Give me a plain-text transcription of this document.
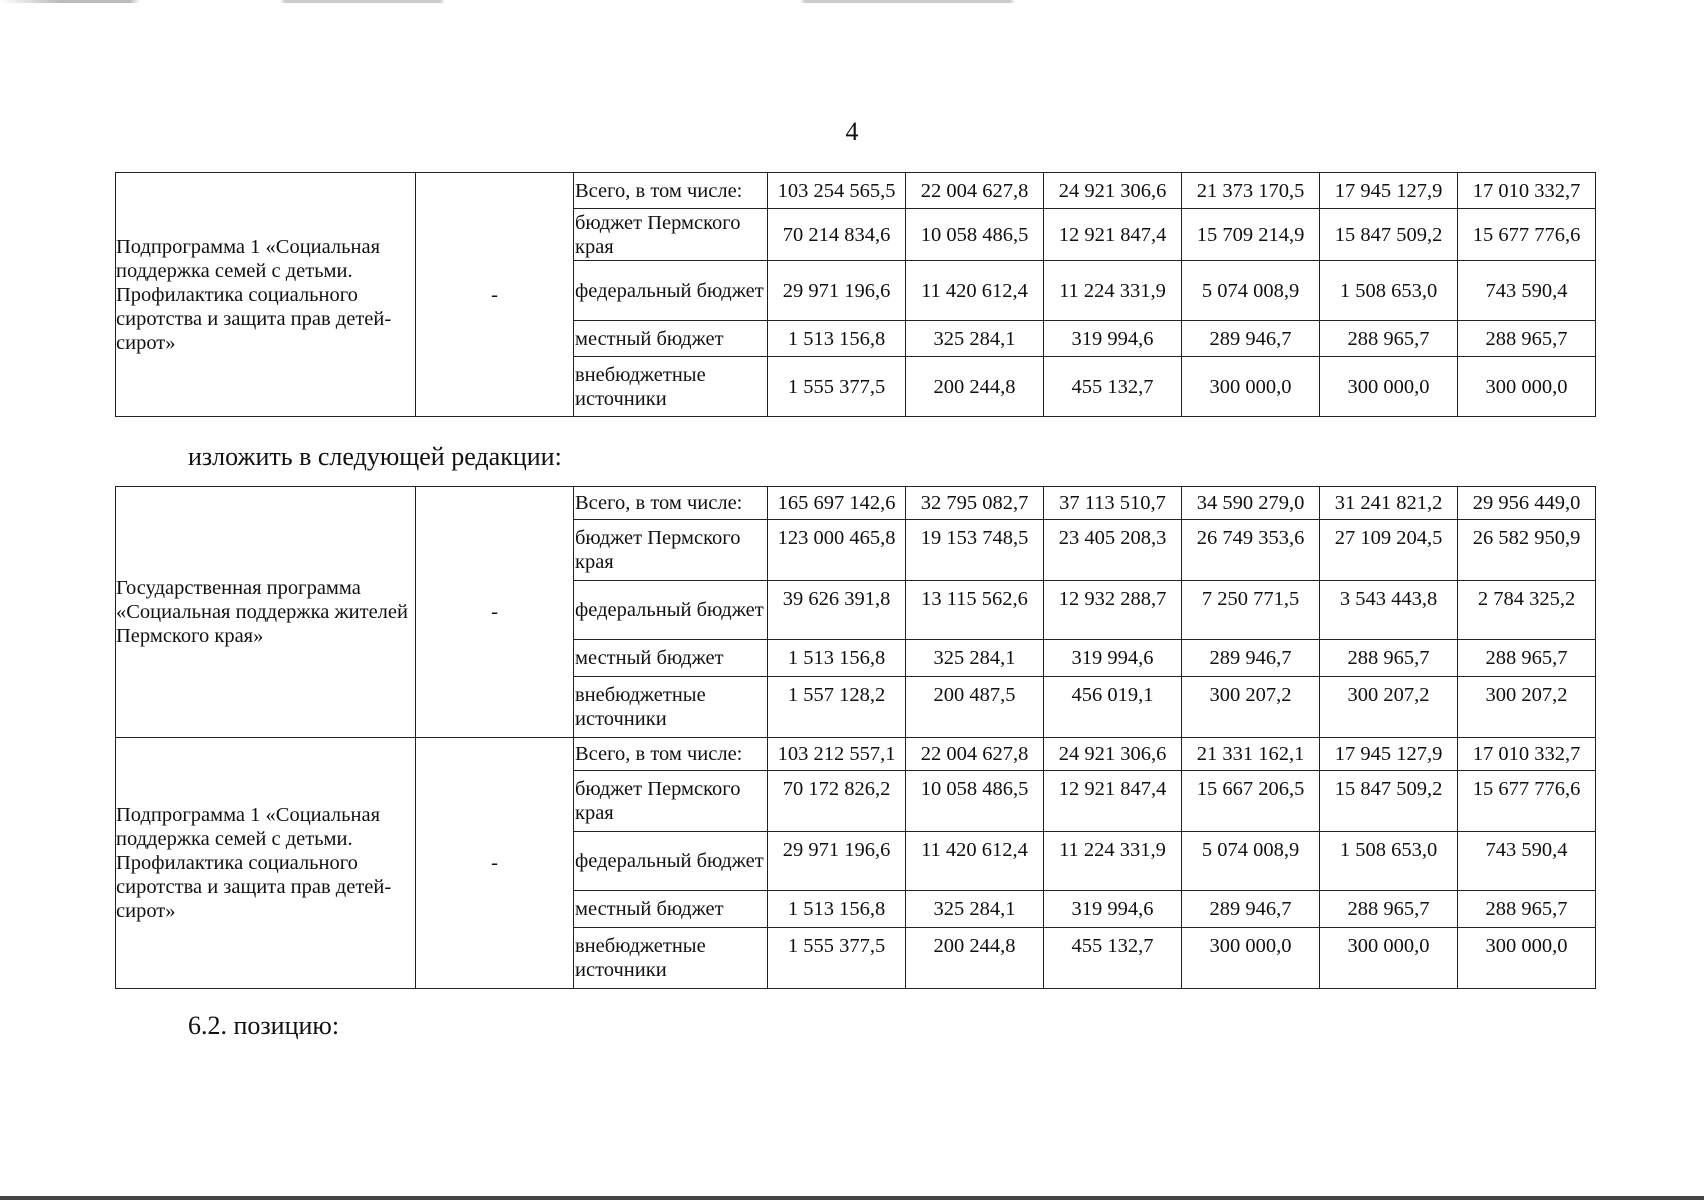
4
Подпрограмма 1 «Социальная поддержка семей с детьми. Профилактика социального сиротства и защита прав детей-сирот»	-	Всего, в том числе:	103 254 565,5	22 004 627,8	24 921 306,6	21 373 170,5	17 945 127,9	17 010 332,7
		бюджет Пермского края	70 214 834,6	10 058 486,5	12 921 847,4	15 709 214,9	15 847 509,2	15 677 776,6
		федеральный бюджет	29 971 196,6	11 420 612,4	11 224 331,9	5 074 008,9	1 508 653,0	743 590,4
		местный бюджет	1 513 156,8	325 284,1	319 994,6	289 946,7	288 965,7	288 965,7
		внебюджетные источники	1 555 377,5	200 244,8	455 132,7	300 000,0	300 000,0	300 000,0
изложить в следующей редакции:
Государственная программа «Социальная поддержка жителей Пермского края»	-	Всего, в том числе:	165 697 142,6	32 795 082,7	37 113 510,7	34 590 279,0	31 241 821,2	29 956 449,0
		бюджет Пермского края	123 000 465,8	19 153 748,5	23 405 208,3	26 749 353,6	27 109 204,5	26 582 950,9
		федеральный бюджет	39 626 391,8	13 115 562,6	12 932 288,7	7 250 771,5	3 543 443,8	2 784 325,2
		местный бюджет	1 513 156,8	325 284,1	319 994,6	289 946,7	288 965,7	288 965,7
		внебюджетные источники	1 557 128,2	200 487,5	456 019,1	300 207,2	300 207,2	300 207,2
Подпрограмма 1 «Социальная поддержка семей с детьми. Профилактика социального сиротства и защита прав детей-сирот»	-	Всего, в том числе:	103 212 557,1	22 004 627,8	24 921 306,6	21 331 162,1	17 945 127,9	17 010 332,7
		бюджет Пермского края	70 172 826,2	10 058 486,5	12 921 847,4	15 667 206,5	15 847 509,2	15 677 776,6
		федеральный бюджет	29 971 196,6	11 420 612,4	11 224 331,9	5 074 008,9	1 508 653,0	743 590,4
		местный бюджет	1 513 156,8	325 284,1	319 994,6	289 946,7	288 965,7	288 965,7
		внебюджетные источники	1 555 377,5	200 244,8	455 132,7	300 000,0	300 000,0	300 000,0
6.2. позицию:
